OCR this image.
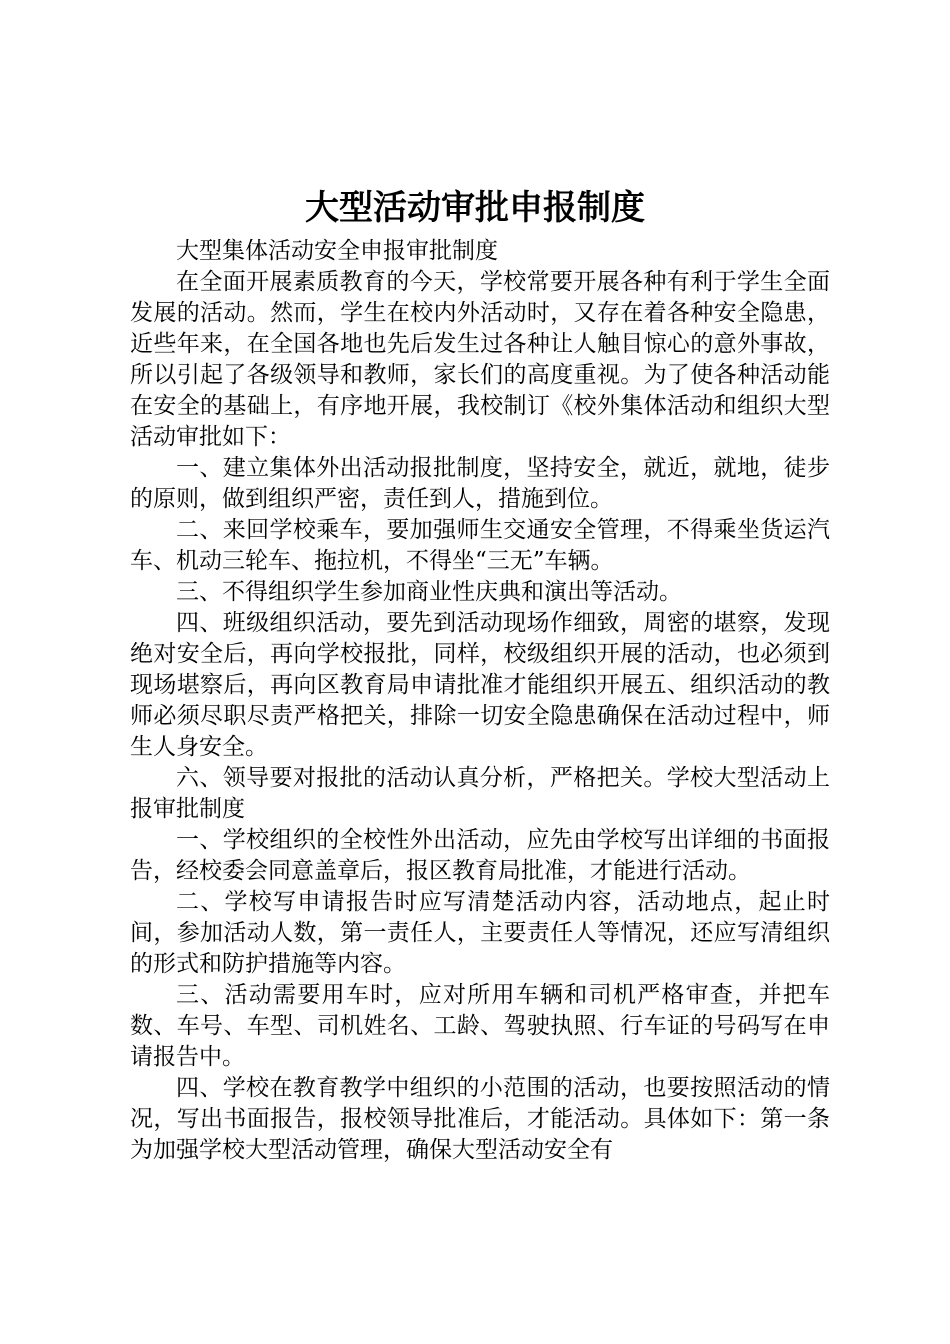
大型活动审批申报制度

大型集体活动安全申报审批制度

在全面开展素质教育的今天，学校常要开展各种有利于学生全面发展的活动。然而，学生在校内外活动时，又存在着各种安全隐患，近些年来，在全国各地也先后发生过各种让人触目惊心的意外事故，所以引起了各级领导和教师，家长们的高度重视。为了使各种活动能在安全的基础上，有序地开展，我校制订《校外集体活动和组织大型活动审批如下：

一、建立集体外出活动报批制度，坚持安全，就近，就地，徒步的原则，做到组织严密，责任到人，措施到位。

二、来回学校乘车，要加强师生交通安全管理，不得乘坐货运汽车、机动三轮车、拖拉机，不得坐“三无”车辆。

三、不得组织学生参加商业性庆典和演出等活动。

四、班级组织活动，要先到活动现场作细致，周密的堪察，发现绝对安全后，再向学校报批，同样，校级组织开展的活动，也必须到现场堪察后，再向区教育局申请批准才能组织开展五、组织活动的教师必须尽职尽责严格把关，排除一切安全隐患确保在活动过程中，师生人身安全。

六、领导要对报批的活动认真分析，严格把关。学校大型活动上报审批制度

一、学校组织的全校性外出活动，应先由学校写出详细的书面报告，经校委会同意盖章后，报区教育局批准，才能进行活动。

二、学校写申请报告时应写清楚活动内容，活动地点，起止时间，参加活动人数，第一责任人，主要责任人等情况，还应写清组织的形式和防护措施等内容。

三、活动需要用车时，应对所用车辆和司机严格审查，并把车数、车号、车型、司机姓名、工龄、驾驶执照、行车证的号码写在申请报告中。

四、学校在教育教学中组织的小范围的活动，也要按照活动的情况，写出书面报告，报校领导批准后，才能活动。具体如下：第一条为加强学校大型活动管理，确保大型活动安全有
